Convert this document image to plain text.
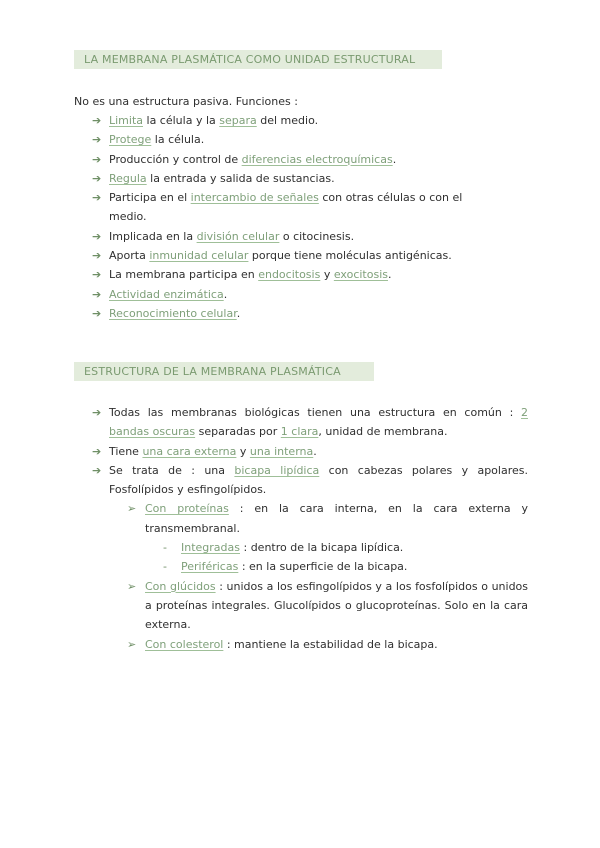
LA MEMBRANA PLASMÁTICA COMO UNIDAD ESTRUCTURAL
No es una estructura pasiva. Funciones :
➔ Limita la célula y la separa del medio.
➔ Protege la célula.
➔ Producción y control de diferencias electroquímicas.
➔ Regula la entrada y salida de sustancias.
➔ Participa en el intercambio de señales con otras células o con el medio.
➔ Implicada en la división celular o citocinesis.
➔ Aporta inmunidad celular porque tiene moléculas antigénicas.
➔ La membrana participa en endocitosis y exocitosis.
➔ Actividad enzimática.
➔ Reconocimiento celular.
ESTRUCTURA DE LA MEMBRANA PLASMÁTICA
➔ Todas las membranas biológicas tienen una estructura en común : 2 bandas oscuras separadas por 1 clara, unidad de membrana.
➔ Tiene una cara externa y una interna.
➔ Se trata de : una bicapa lipídica con cabezas polares y apolares. Fosfolípidos y esfingolípidos.
➢ Con proteínas : en la cara interna, en la cara externa y transmembranal.
- Integradas : dentro de la bicapa lipídica.
- Periféricas : en la superficie de la bicapa.
➢ Con glúcidos : unidos a los esfingolípidos y a los fosfolípidos o unidos a proteínas integrales. Glucolípidos o glucoproteínas. Solo en la cara externa.
➢ Con colesterol : mantiene la estabilidad de la bicapa.
